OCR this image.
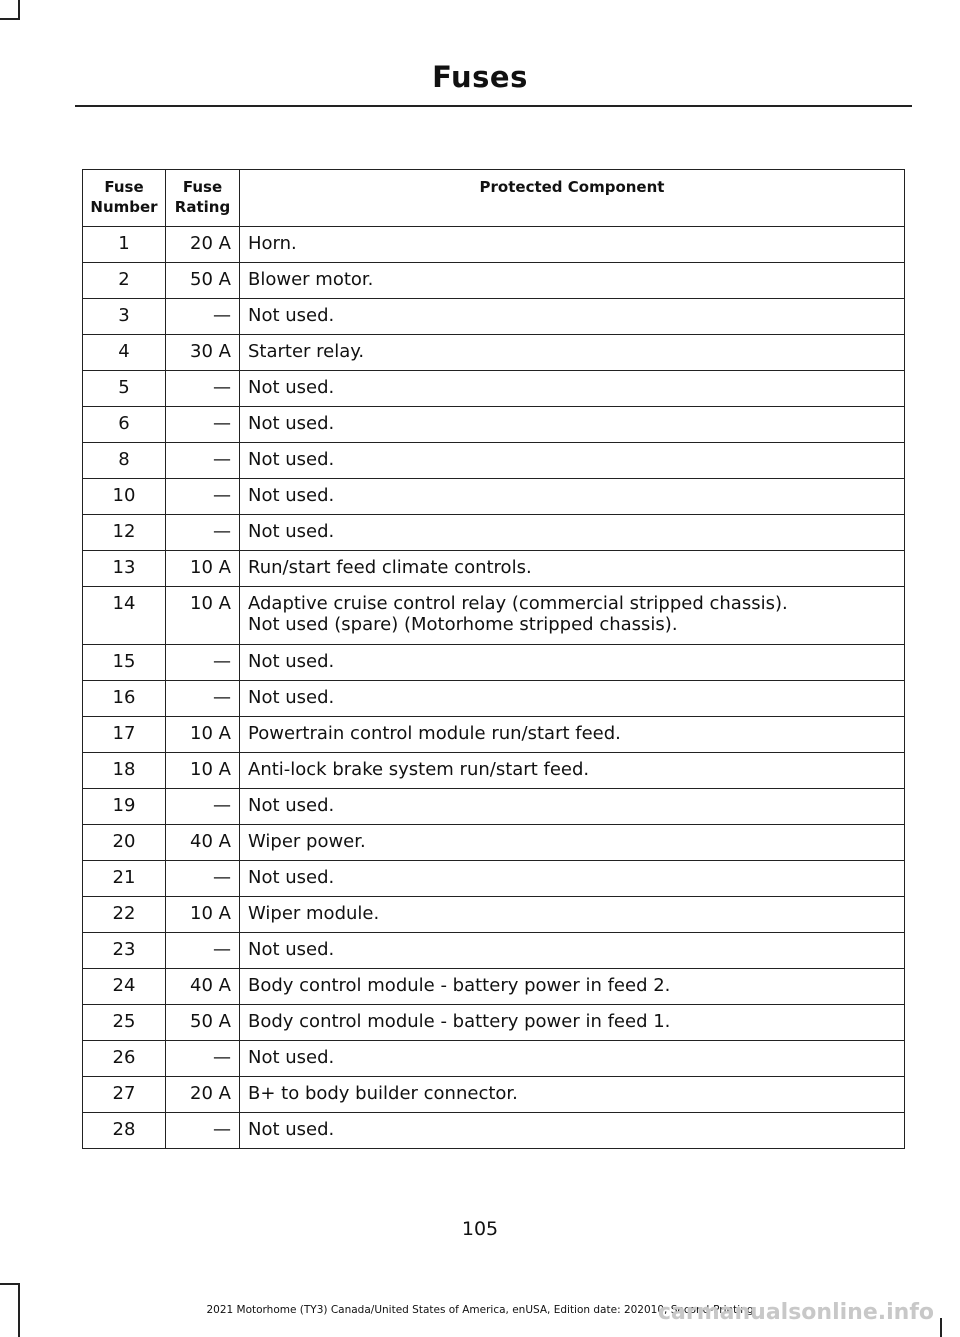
Fuses
Fuse Number	Fuse Rating	Protected Component
1	20 A	Horn.

2	50 A	Blower motor.

3	—	Not used.

4	30 A	Starter relay.

5	—	Not used.

6	—	Not used.

8	—	Not used.

10	—	Not used.

12	—	Not used.

13	10 A	Run/start feed climate controls.

14	10 A	Adaptive cruise control relay (commercial stripped chassis).
Not used (spare) (Motorhome stripped chassis).

15	—	Not used.

16	—	Not used.

17	10 A	Powertrain control module run/start feed.

18	10 A	Anti-lock brake system run/start feed.

19	—	Not used.

20	40 A	Wiper power.

21	—	Not used.

22	10 A	Wiper module.

23	—	Not used.

24	40 A	Body control module - battery power in feed 2.

25	50 A	Body control module - battery power in feed 1.

26	—	Not used.

27	20 A	B+ to body builder connector.

28	—	Not used.
105
2021 Motorhome (TY3) Canada/United States of America, enUSA, Edition date: 202010, Second-Printing
carmanualsonline.info
